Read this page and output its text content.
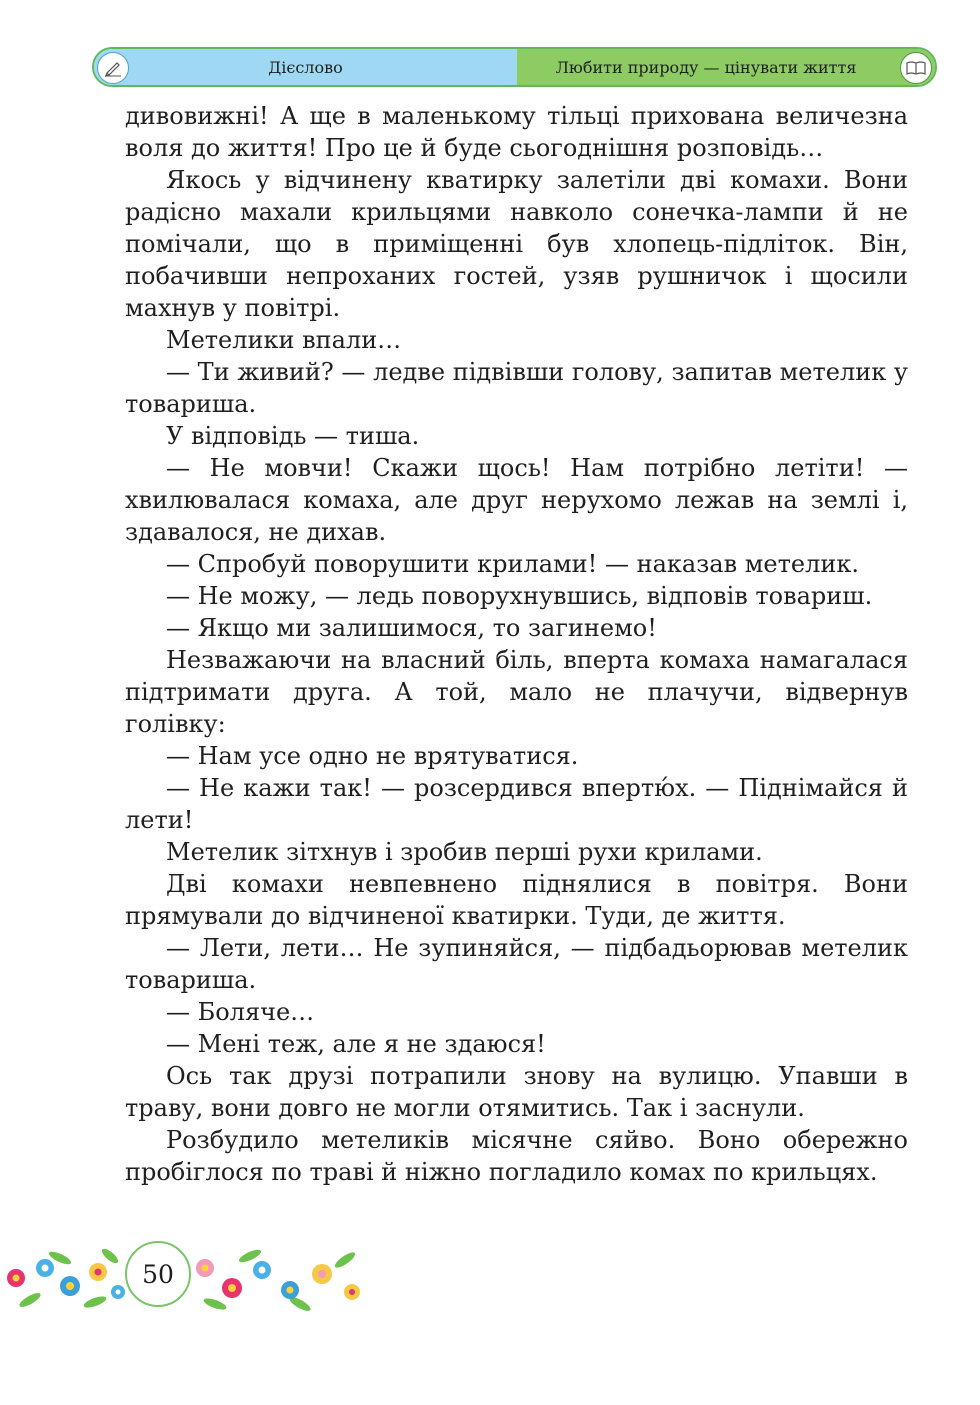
Дієслово	Любити природу — цінувати життя

дивовижні! А ще в маленькому тільці прихована величезна воля до життя! Про це й буде сьогоднішня розповідь…

Якось у відчинену кватирку залетіли дві комахи. Вони радісно махали крильцями навколо сонечка-лампи й не помічали, що в приміщенні був хлопець-підліток. Він, побачивши непроханих гостей, узяв рушничок і щосили махнув у повітрі.

Метелики впали…

— Ти живий? — ледве підвівши голову, запитав метелик у товариша.

У відповідь — тиша.

— Не мовчи! Скажи щось! Нам потрібно летіти! — хвилювалася комаха, але друг нерухомо лежав на землі і, здавалося, не дихав.

— Спробуй поворушити крилами! — наказав метелик.

— Не можу, — ледь поворухнувшись, відповів товариш.

— Якщо ми залишимося, то загинемо!

Незважаючи на власний біль, вперта комаха намагалася підтримати друга. А той, мало не плачучи, відвернув голівку:

— Нам усе одно не врятуватися.

— Не кажи так! — розсердився впертю́х. — Піднімайся й лети!

Метелик зітхнув і зробив перші рухи крилами.

Дві комахи невпевнено піднялися в повітря. Вони прямували до відчиненої кватирки. Туди, де життя.

— Лети, лети… Не зупиняйся, — підбадьорював метелик товариша.

— Боляче…

— Мені теж, але я не здаюся!

Ось так друзі потрапили знову на вулицю. Упавши в траву, вони довго не могли отямитись. Так і заснули.

Розбудило метеликів місячне сяйво. Воно обережно пробіглося по траві й ніжно погладило комах по крильцях.

50
